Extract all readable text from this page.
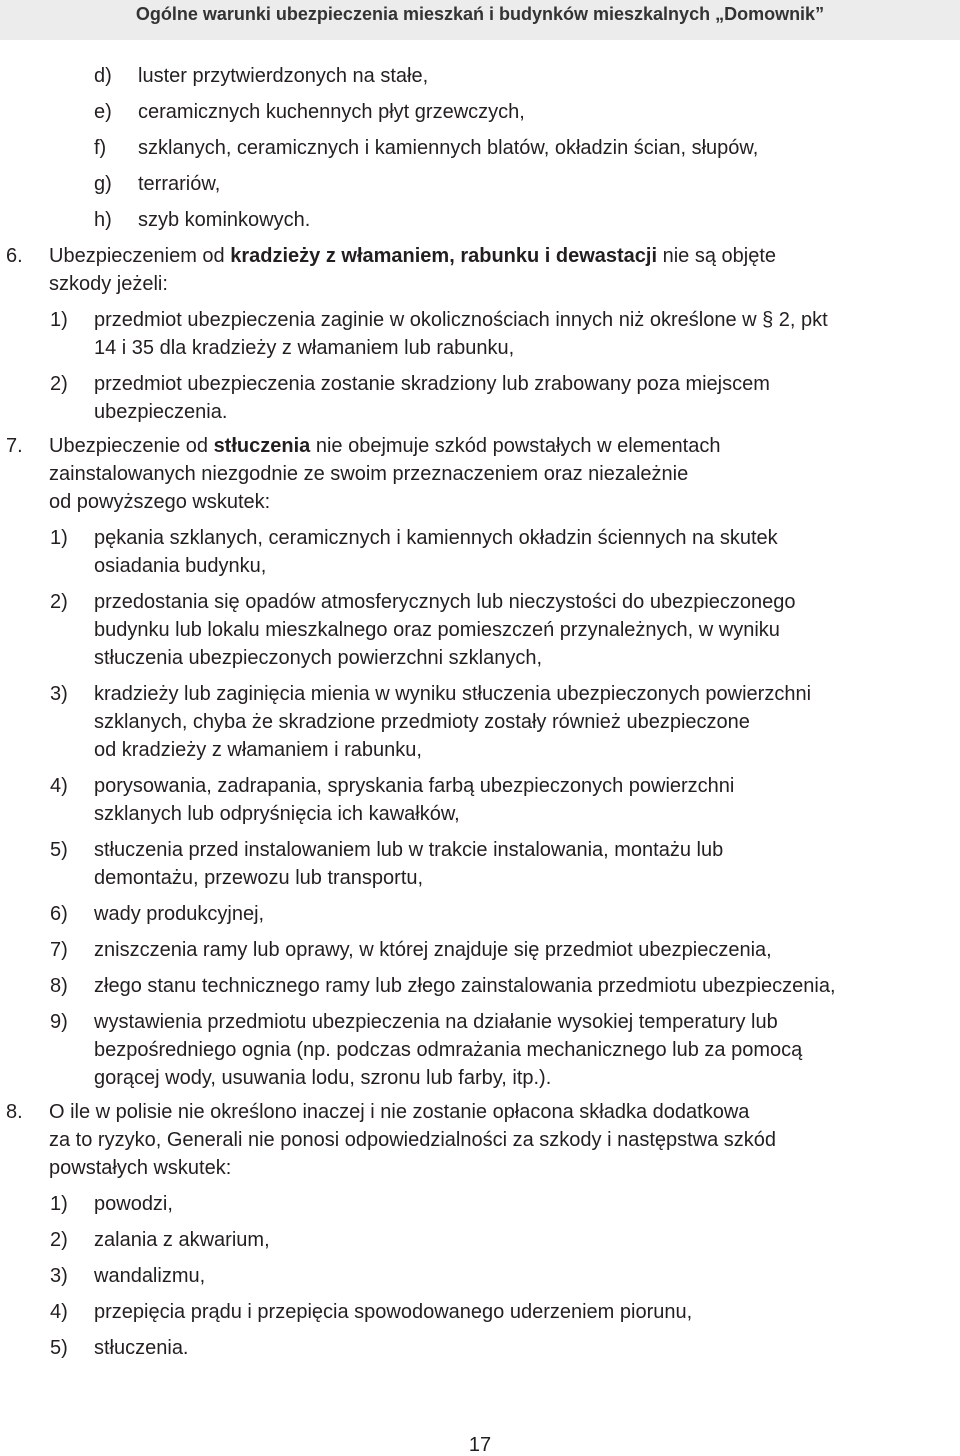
Ogólne warunki ubezpieczenia mieszkań i budynków mieszkalnych „Domownik”
d) luster przytwierdzonych na stałe,
e) ceramicznych kuchennych płyt grzewczych,
f) szklanych, ceramicznych i kamiennych blatów, okładzin ścian, słupów,
g) terrariów,
h) szyb kominkowych.
6. Ubezpieczeniem od kradzieży z włamaniem, rabunku i dewastacji nie są objęte
szkody jeżeli:
1) przedmiot ubezpieczenia zaginie w okolicznościach innych niż określone w § 2, pkt
14 i 35 dla kradzieży z włamaniem lub rabunku,
2) przedmiot ubezpieczenia zostanie skradziony lub zrabowany poza miejscem
ubezpieczenia.
7. Ubezpieczenie od stłuczenia nie obejmuje szkód powstałych w elementach
zainstalowanych niezgodnie ze swoim przeznaczeniem oraz niezależnie
od powyższego wskutek:
1) pękania szklanych, ceramicznych i kamiennych okładzin ściennych na skutek
osiadania budynku,
2) przedostania się opadów atmosferycznych lub nieczystości do ubezpieczonego
budynku lub lokalu mieszkalnego oraz pomieszczeń przynależnych, w wyniku
stłuczenia ubezpieczonych powierzchni szklanych,
3) kradzieży lub zaginięcia mienia w wyniku stłuczenia ubezpieczonych powierzchni
szklanych, chyba że skradzione przedmioty zostały również ubezpieczone
od kradzieży z włamaniem i rabunku,
4) porysowania, zadrapania, spryskania farbą ubezpieczonych powierzchni
szklanych lub odpryśnięcia ich kawałków,
5) stłuczenia przed instalowaniem lub w trakcie instalowania, montażu lub
demontażu, przewozu lub transportu,
6) wady produkcyjnej,
7) zniszczenia ramy lub oprawy, w której znajduje się przedmiot ubezpieczenia,
8) złego stanu technicznego ramy lub złego zainstalowania przedmiotu ubezpieczenia,
9) wystawienia przedmiotu ubezpieczenia na działanie wysokiej temperatury lub
bezpośredniego ognia (np. podczas odmrażania mechanicznego lub za pomocą
gorącej wody, usuwania lodu, szronu lub farby, itp.).
8. O ile w polisie nie określono inaczej i nie zostanie opłacona składka dodatkowa
za to ryzyko, Generali nie ponosi odpowiedzialności za szkody i następstwa szkód
powstałych wskutek:
1) powodzi,
2) zalania z akwarium,
3) wandalizmu,
4) przepięcia prądu i przepięcia spowodowanego uderzeniem piorunu,
5) stłuczenia.
17
